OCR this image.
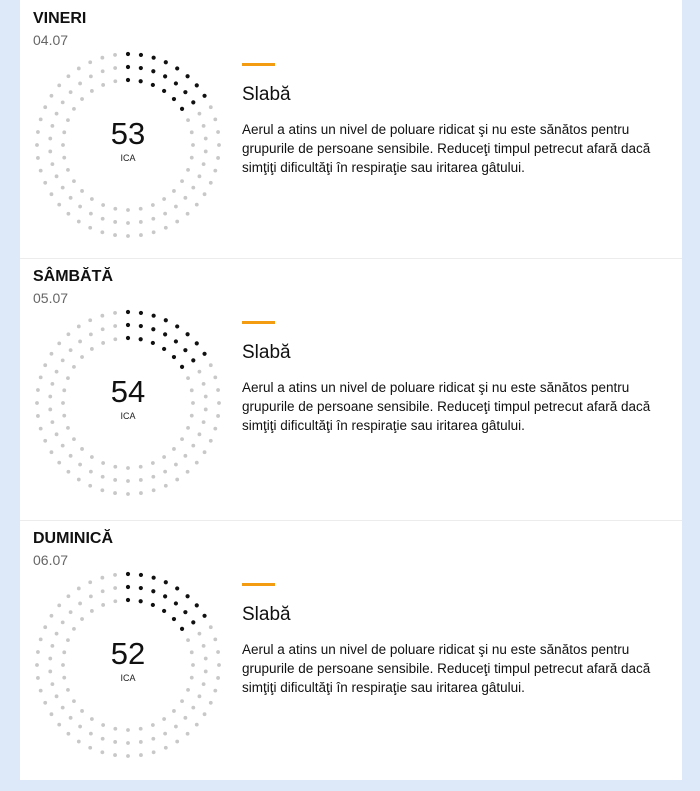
VINERI
04.07
53
ICA
Slabă
Aerul a atins un nivel de poluare ridicat şi nu este sănătos pentru grupurile de persoane sensibile. Reduceţi timpul petrecut afară dacă simţiţi dificultăţi în respiraţie sau iritarea gâtului.
SÂMBĂTĂ
05.07
54
ICA
Slabă
Aerul a atins un nivel de poluare ridicat şi nu este sănătos pentru grupurile de persoane sensibile. Reduceţi timpul petrecut afară dacă simţiţi dificultăţi în respiraţie sau iritarea gâtului.
DUMINICĂ
06.07
52
ICA
Slabă
Aerul a atins un nivel de poluare ridicat şi nu este sănătos pentru grupurile de persoane sensibile. Reduceţi timpul petrecut afară dacă simţiţi dificultăţi în respiraţie sau iritarea gâtului.
